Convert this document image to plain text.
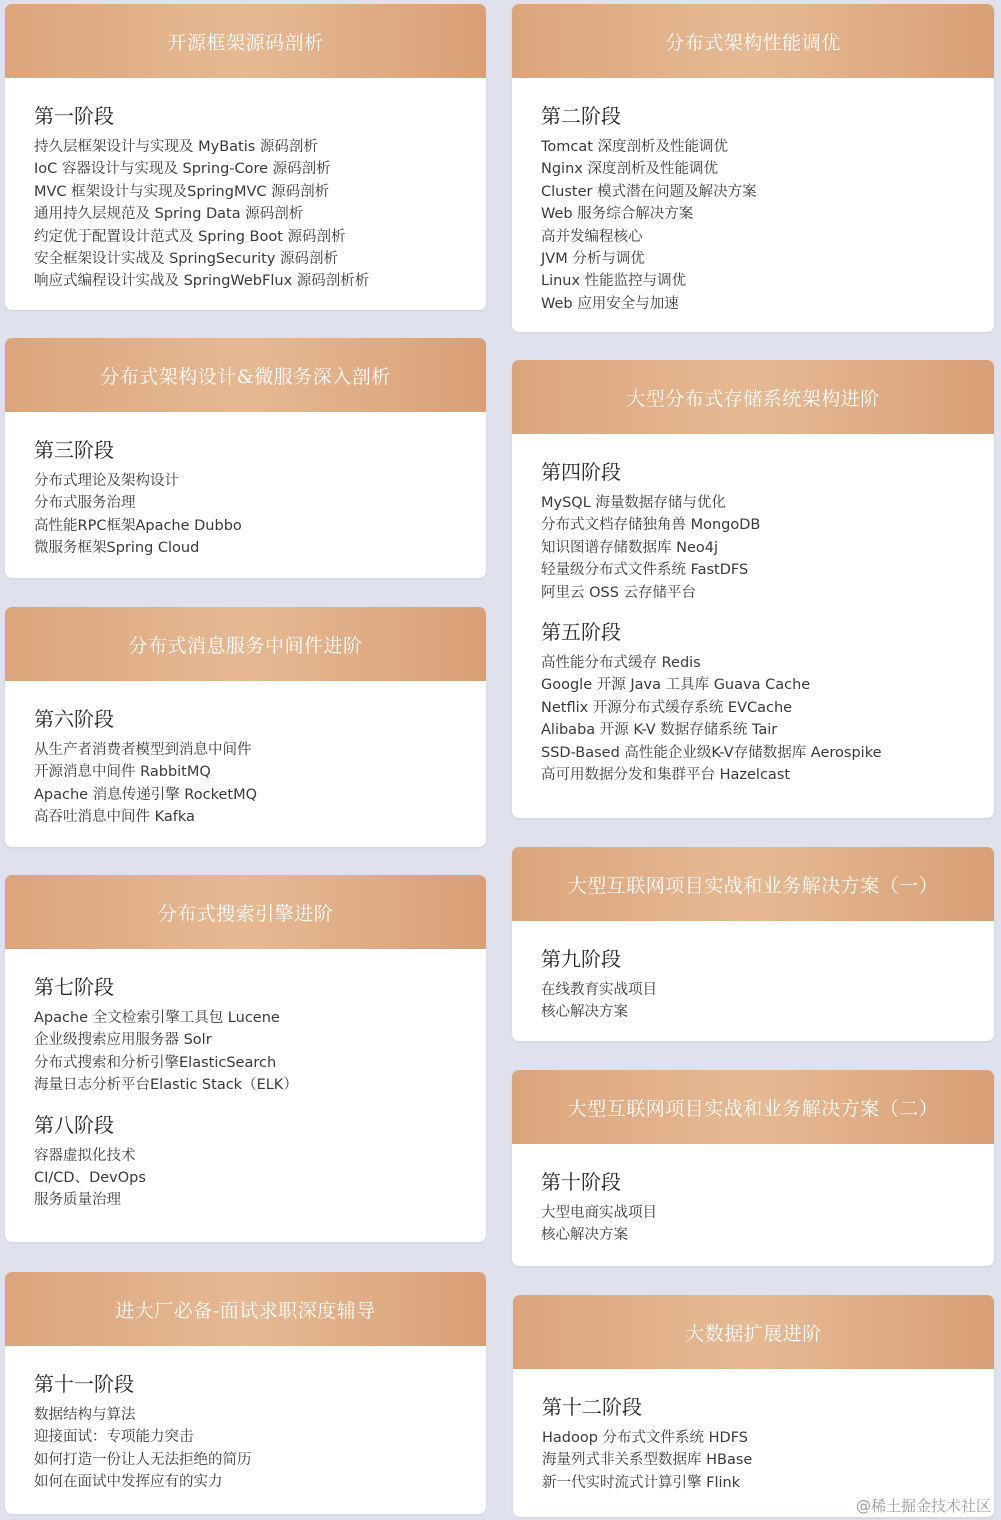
开源框架源码剖析
第一阶段
持久层框架设计与实现及 MyBatis 源码剖析
IoC 容器设计与实现及 Spring-Core 源码剖析
MVC 框架设计与实现及SpringMVC 源码剖析
通用持久层规范及 Spring Data 源码剖析
约定优于配置设计范式及 Spring Boot 源码剖析
安全框架设计实战及 SpringSecurity 源码剖析
响应式编程设计实战及 SpringWebFlux 源码剖析析
分布式架构设计&微服务深入剖析
第三阶段
分布式理论及架构设计
分布式服务治理
高性能RPC框架Apache Dubbo
微服务框架Spring Cloud
分布式消息服务中间件进阶
第六阶段
从生产者消费者模型到消息中间件
开源消息中间件 RabbitMQ
Apache 消息传递引擎 RocketMQ
高吞吐消息中间件 Kafka
分布式搜索引擎进阶
第七阶段
Apache 全文检索引擎工具包 Lucene
企业级搜索应用服务器 Solr
分布式搜索和分析引擎ElasticSearch
海量日志分析平台Elastic Stack（ELK）
第八阶段
容器虚拟化技术
CI/CD、DevOps
服务质量治理
进大厂必备-面试求职深度辅导
第十一阶段
数据结构与算法
迎接面试：专项能力突击
如何打造一份让人无法拒绝的简历
如何在面试中发挥应有的实力
分布式架构性能调优
第二阶段
Tomcat 深度剖析及性能调优
Nginx 深度剖析及性能调优
Cluster 模式潜在问题及解决方案
Web 服务综合解决方案
高并发编程核心
JVM 分析与调优
Linux 性能监控与调优
Web 应用安全与加速
大型分布式存储系统架构进阶
第四阶段
MySQL 海量数据存储与优化
分布式文档存储独角兽 MongoDB
知识图谱存储数据库 Neo4j
轻量级分布式文件系统 FastDFS
阿里云 OSS 云存储平台
第五阶段
高性能分布式缓存 Redis
Google 开源 Java 工具库 Guava Cache
Netflix 开源分布式缓存系统 EVCache
Alibaba 开源 K-V 数据存储系统 Tair
SSD-Based 高性能企业级K-V存储数据库 Aerospike
高可用数据分发和集群平台 Hazelcast
大型互联网项目实战和业务解决方案（一）
第九阶段
在线教育实战项目
核心解决方案
大型互联网项目实战和业务解决方案（二）
第十阶段
大型电商实战项目
核心解决方案
大数据扩展进阶
第十二阶段
Hadoop 分布式文件系统 HDFS
海量列式非关系型数据库 HBase
新一代实时流式计算引擎 Flink
@稀土掘金技术社区
